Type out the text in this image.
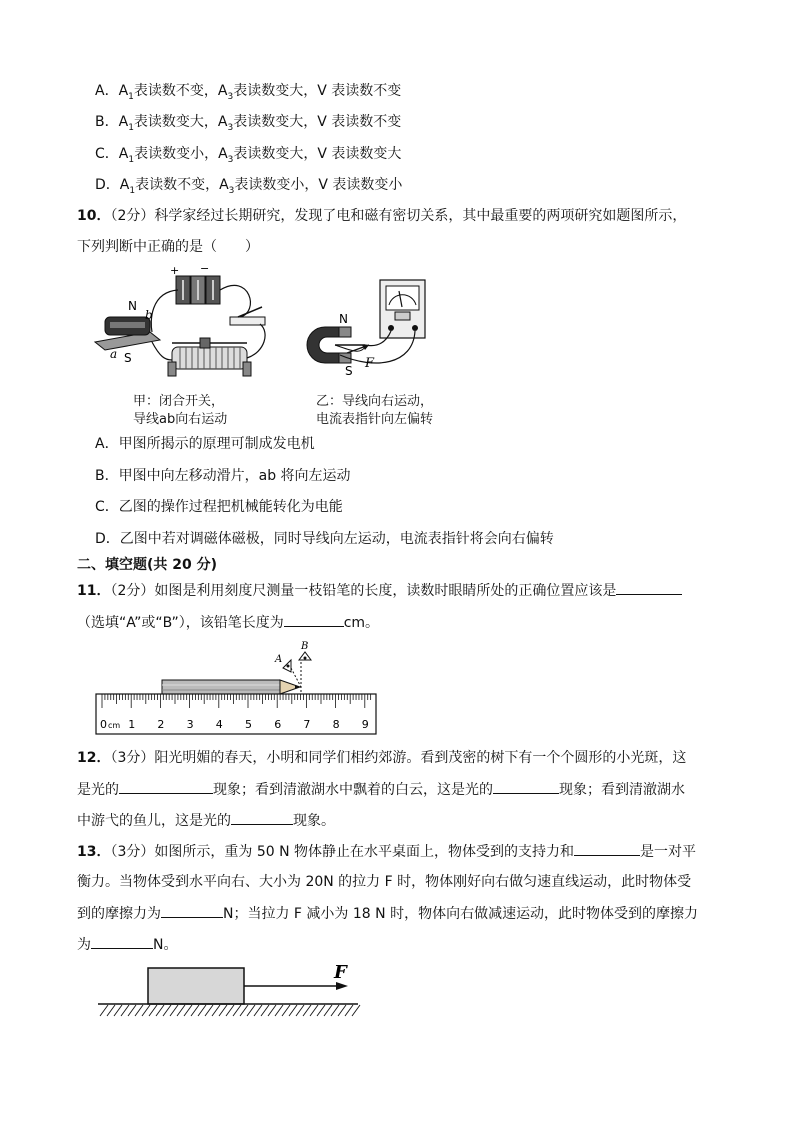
A．$A_1$表读数不变，$A_3$表读数变大，V 表读数不变
B．$A_1$表读数变大，$A_3$表读数变大，V 表读数不变
C．$A_1$表读数变小，$A_3$表读数变大，V 表读数变大
D．$A_1$表读数不变，$A_3$表读数变小，V 表读数变小
10．（2分）科学家经过长期研究，发现了电和磁有密切关系，其中最重要的两项研究如题图所示，
下列判断中正确的是（　　）
+ −
N
S
b
a
甲：闭合开关，
导线ab向右运动
N
S F
乙：导线向右运动，
电流表指针向左偏转
A．甲图所揭示的原理可制成发电机
B．甲图中向左移动滑片，ab 将向左运动
C．乙图的操作过程把机械能转化为电能
D．乙图中若对调磁体磁极，同时导线向左运动，电流表指针将会向右偏转
二、填空题(共 20 分)
11．（2分）如图是利用刻度尺测量一枝铅笔的长度，读数时眼睛所处的正确位置应该是
（选填“A”或“B”），该铅笔长度为	cm。
A
B
0 cm 1 2 3 4 5 6 7 8 9
12．（3分）阳光明媚的春天，小明和同学们相约郊游。看到茂密的树下有一个个圆形的小光斑，这
是光的	现象；看到清澈湖水中飘着的白云，这是光的	现象；看到清澈湖水
中游弋的鱼儿，这是光的	现象。
13．（3分）如图所示，重为 50 N 物体静止在水平桌面上，物体受到的支持力和	是一对平
衡力。当物体受到水平向右、大小为 20N 的拉力 F 时，物体刚好向右做匀速直线运动，此时物体受
到的摩擦力为	N；当拉力 F 减小为 18 N 时，物体向右做减速运动，此时物体受到的摩擦力
为	N。
F
